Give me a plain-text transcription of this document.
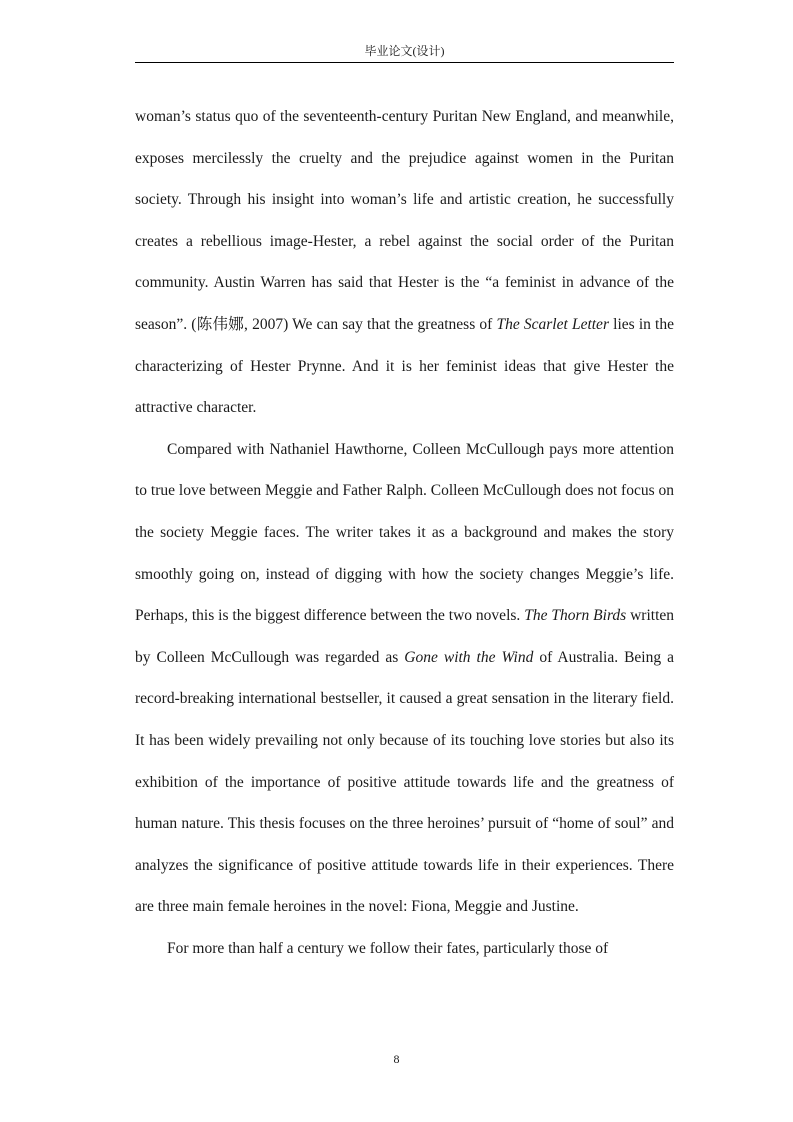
毕业论文(设计)

woman’s status quo of the seventeenth-century Puritan New England, and meanwhile, exposes mercilessly the cruelty and the prejudice against women in the Puritan society. Through his insight into woman’s life and artistic creation, he successfully creates a rebellious image-Hester, a rebel against the social order of the Puritan community. Austin Warren has said that Hester is the “a feminist in advance of the season”. (陈伟娜, 2007) We can say that the greatness of The Scarlet Letter lies in the characterizing of Hester Prynne. And it is her feminist ideas that give Hester the attractive character.

Compared with Nathaniel Hawthorne, Colleen McCullough pays more attention to true love between Meggie and Father Ralph. Colleen McCullough does not focus on the society Meggie faces. The writer takes it as a background and makes the story smoothly going on, instead of digging with how the society changes Meggie’s life. Perhaps, this is the biggest difference between the two novels. The Thorn Birds written by Colleen McCullough was regarded as Gone with the Wind of Australia. Being a record-breaking international bestseller, it caused a great sensation in the literary field. It has been widely prevailing not only because of its touching love stories but also its exhibition of the importance of positive attitude towards life and the greatness of human nature. This thesis focuses on the three heroines’ pursuit of “home of soul” and analyzes the significance of positive attitude towards life in their experiences. There are three main female heroines in the novel: Fiona, Meggie and Justine.

For more than half a century we follow their fates, particularly those of

8
